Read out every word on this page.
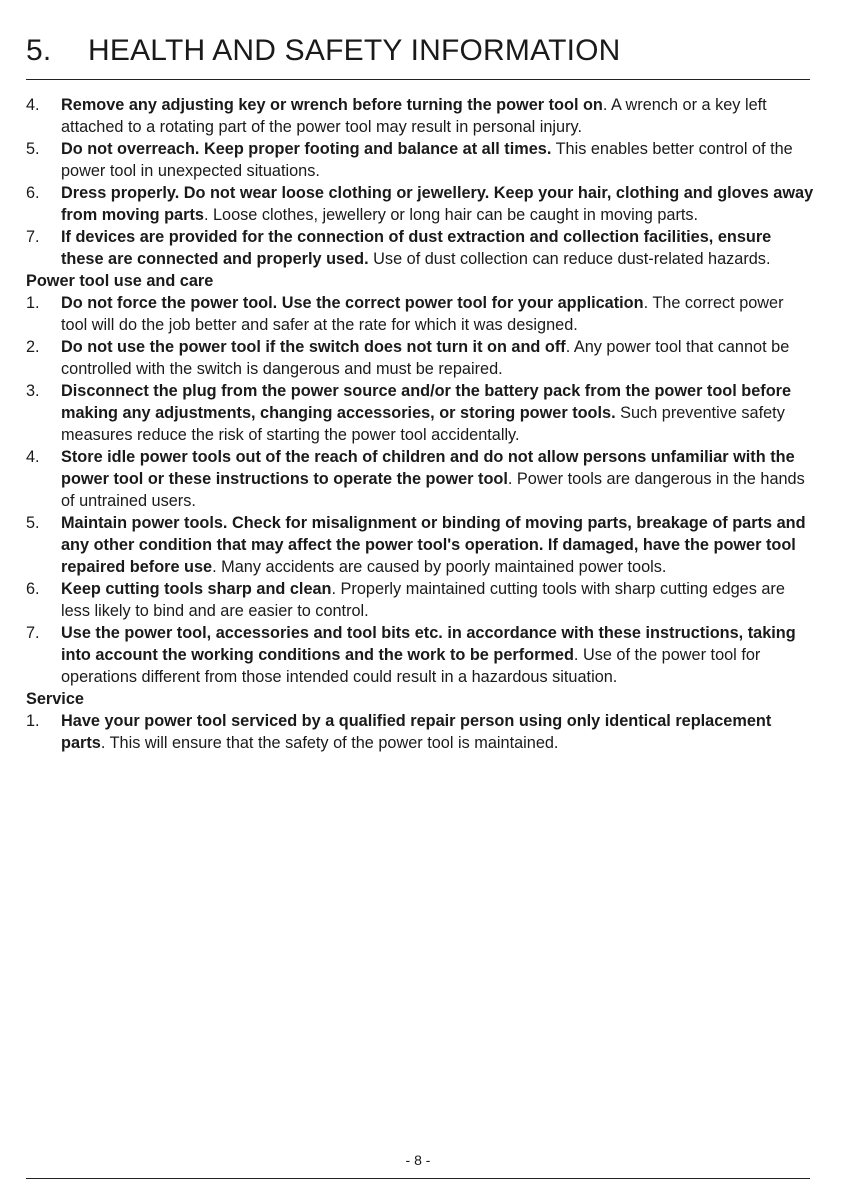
5. HEALTH AND SAFETY INFORMATION
4. Remove any adjusting key or wrench before turning the power tool on. A wrench or a key left attached to a rotating part of the power tool may result in personal injury.
5. Do not overreach. Keep proper footing and balance at all times. This enables better control of the power tool in unexpected situations.
6. Dress properly. Do not wear loose clothing or jewellery. Keep your hair, clothing and gloves away from moving parts. Loose clothes, jewellery or long hair can be caught in moving parts.
7. If devices are provided for the connection of dust extraction and collection facilities, ensure these are connected and properly used. Use of dust collection can reduce dust-related hazards.
Power tool use and care
1. Do not force the power tool. Use the correct power tool for your application. The correct power tool will do the job better and safer at the rate for which it was designed.
2. Do not use the power tool if the switch does not turn it on and off. Any power tool that cannot be controlled with the switch is dangerous and must be repaired.
3. Disconnect the plug from the power source and/or the battery pack from the power tool before making any adjustments, changing accessories, or storing power tools. Such preventive safety measures reduce the risk of starting the power tool accidentally.
4. Store idle power tools out of the reach of children and do not allow persons unfamiliar with the power tool or these instructions to operate the power tool. Power tools are dangerous in the hands of untrained users.
5. Maintain power tools. Check for misalignment or binding of moving parts, breakage of parts and any other condition that may affect the power tool's operation. If damaged, have the power tool repaired before use. Many accidents are caused by poorly maintained power tools.
6. Keep cutting tools sharp and clean. Properly maintained cutting tools with sharp cutting edges are less likely to bind and are easier to control.
7. Use the power tool, accessories and tool bits etc. in accordance with these instructions, taking into account the working conditions and the work to be performed. Use of the power tool for operations different from those intended could result in a hazardous situation.
Service
1. Have your power tool serviced by a qualified repair person using only identical replacement parts. This will ensure that the safety of the power tool is maintained.
- 8 -
